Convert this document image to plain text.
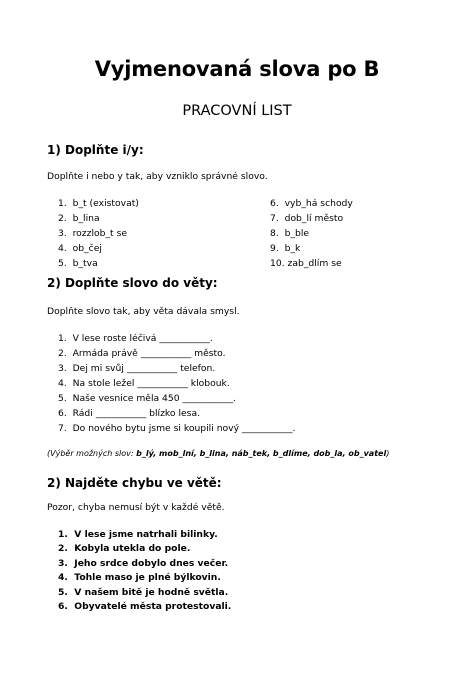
Vyjmenovaná slova po B
PRACOVNÍ LIST
1) Doplňte i/y:
Doplňte i nebo y tak, aby vzniklo správné slovo.
1.  b_t (existovat)
2.  b_lina
3.  rozzlob_t se
4.  ob_čej
5.  b_tva
6.  vyb_há schody
7.  dob_lí město
8.  b_ble
9.  b_k
10. zab_dlím se
2) Doplňte slovo do věty:
Doplňte slovo tak, aby věta dávala smysl.
1.  V lese roste léčivá ___________.
2.  Armáda právě ___________ město.
3.  Dej mi svůj ___________ telefon.
4.  Na stole ležel ___________ klobouk.
5.  Naše vesnice měla 450 ___________.
6.  Rádi ___________ blízko lesa.
7.  Do nového bytu jsme si koupili nový ___________.
(Výběr možných slov: b_lý, mob_lní, b_lina, náb_tek, b_dlíme, dob_la, ob_vatel)
2) Najděte chybu ve větě:
Pozor, chyba nemusí být v každé větě.
1.  V lese jsme natrhali bilinky.
2.  Kobyla utekla do pole.
3.  Jeho srdce dobylo dnes večer.
4.  Tohle maso je plné býlkovin.
5.  V našem bitě je hodně světla.
6.  Obyvatelé města protestovali.
